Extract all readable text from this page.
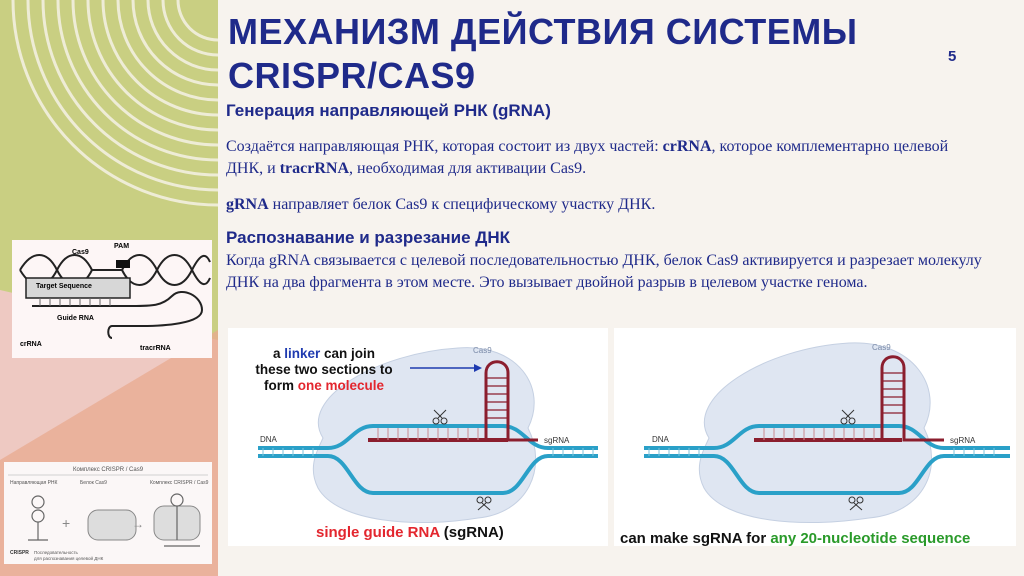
МЕХАНИЗМ ДЕЙСТВИЯ СИСТЕМЫ CRISPR/CAS9	5
Генерация направляющей РНК (gRNA)

Создаётся направляющая РНК, которая состоит из двух частей: crRNA, которое комплементарно целевой ДНК, и tracrRNA, необходимая для активации Cas9.

gRNA направляет белок Cas9 к специфическому участку ДНК.

Распознавание и разрезание ДНК

Когда gRNA связывается с целевой последовательностью ДНК, белок Cas9 активируется и разрезает молекулу ДНК на два фрагмента в этом месте. Это вызывает двойной разрыв в целевом участке генома.

Cas9
PAM
Target Sequence
Guide RNA
crRNA
tracrRNA
Комплекс CRISPR / Cas9
Направляющая РНК	Белок Cas9	Комплекс CRISPR / Cas9
+	→
CRISPR Последовательность
для распознавания целевой ДНК
Cas9
sgRNA
DNA
a linker can join
these two sections to
form one molecule
single guide RNA (sgRNA)
Cas9
sgRNA
DNA
can make sgRNA for any 20-nucleotide sequence
